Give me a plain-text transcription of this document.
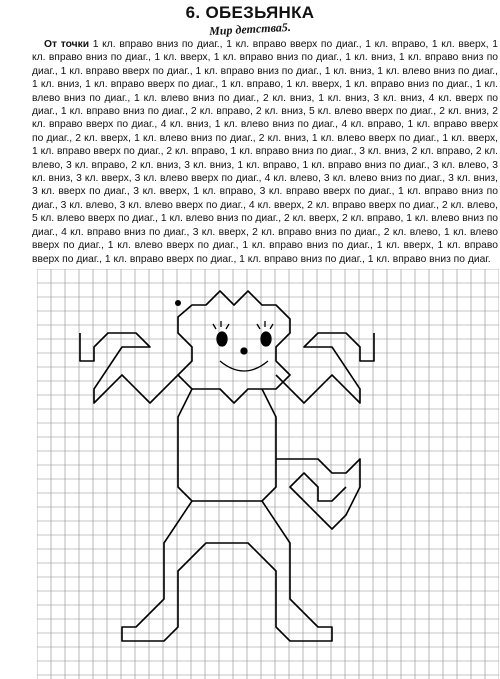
6. ОБЕЗЬЯНКА
Мир детства5.
От точки 1 кл. вправо вниз по диаг., 1 кл. вправо вверх по диаг., 1 кл. вправо, 1 кл. вверх, 1 кл. вправо вниз по диаг., 1 кл. вверх, 1 кл. вправо вниз по диаг., 1 кл. вниз, 1 кл. вправо вниз по диаг., 1 кл. вправо вверх по диаг., 1 кл. вправо вниз по диаг., 1 кл. вниз, 1 кл. влево вниз по диаг., 1 кл. вниз, 1 кл. вправо вверх по диаг., 1 кл. вправо, 1 кл. вверх, 1 кл. вправо вниз по диаг., 1 кл. влево вниз по диаг., 1 кл. влево вниз по диаг., 2 кл. вниз, 1 кл. вниз, 3 кл. вниз, 4 кл. вверх по диаг., 1 кл. вправо вниз по диаг., 2 кл. вправо, 2 кл. вниз, 5 кл. влево вверх по диаг., 2 кл. вниз, 2 кл. вправо вверх по диаг., 4 кл. вниз, 1 кл. влево вниз по диаг., 4 кл. вправо, 1 кл. вправо вверх по диаг., 2 кл. вверх, 1 кл. влево вниз по диаг., 2 кл. вниз, 1 кл. влево вверх по диаг., 1 кл. вверх, 1 кл. вправо вверх по диаг., 2 кл. вправо, 1 кл. вправо вниз по диаг., 3 кл. вниз, 2 кл. вправо, 2 кл. влево, 3 кл. вправо, 2 кл. вниз, 3 кл. вниз, 1 кл. вправо, 1 кл. вправо вниз по диаг., 3 кл. влево, 3 кл. вниз, 3 кл. вверх, 3 кл. влево вверх по диаг., 4 кл. влево, 3 кл. влево вниз по диаг., 3 кл. вниз, 3 кл. вверх по диаг., 3 кл. вверх, 1 кл. вправо, 3 кл. вправо вверх по диаг., 1 кл. вправо вниз по диаг., 3 кл. влево, 3 кл. влево вверх по диаг., 4 кл. вверх, 2 кл. вправо вверх по диаг., 2 кл. влево, 5 кл. влево вверх по диаг., 1 кл. влево вниз по диаг., 2 кл. вверх, 2 кл. вправо, 1 кл. влево вниз по диаг., 4 кл. вправо вниз по диаг., 3 кл. вверх, 2 кл. вправо вниз по диаг., 2 кл. влево, 1 кл. влево вверх по диаг., 1 кл. влево вверх по диаг., 1 кл. вправо вниз по диаг., 1 кл. вверх, 1 кл. вправо вверх по диаг., 1 кл. вправо вверх по диаг., 1 кл. вправо вниз по диаг., 1 кл. вправо вниз по диаг.
